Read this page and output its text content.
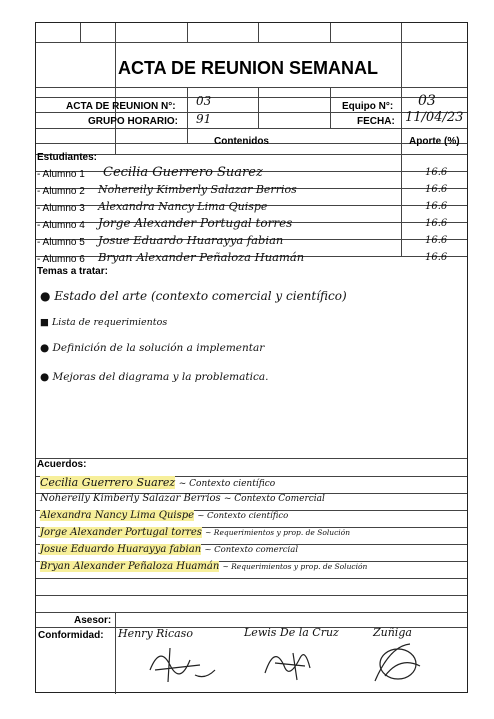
ACTA DE REUNION SEMANAL
ACTA DE REUNION N°: 03
GRUPO HORARIO: 91
Equipo N°: 03
FECHA: 11/04/23
Contenidos	Aporte (%)
Estudiantes:
- Alumno 1 Cecilia Guerrero Suarez	16.6
- Alumno 2 Nohereily Kimberly Salazar Berrios	16.6
- Alumno 3 Alexandra Nancy Lima Quispe	16.6
- Alumno 4 Jorge Alexander Portugal torres	16.6
- Alumno 5 Josue Eduardo Huarayya fabian	16.6
- Alumno 6 Bryan Alexander Peñaloza Huamán	16.6
Temas a tratar:
● Estado del arte (contexto comercial y científico)
■ Lista de requerimientos
● Definición de la solución a implementar
● Mejoras del diagrama y la problematica.
Acuerdos:
Cecilia Guerrero Suarez ~ Contexto científico
Nohereily Kimberly Salazar Berrios ~ Contexto Comercial
Alexandra Nancy Lima Quispe ~ Contexto científico
Jorge Alexander Portugal torres ~ Requerimientos y prop. de Solución
Josue Eduardo Huarayya fabian ~ Contexto comercial
Bryan Alexander Peñaloza Huamán ~ Requerimientos y prop. de Solución
Asesor:
Conformidad: Henry Ricaso	Lewis De la Cruz	Zuñiga
